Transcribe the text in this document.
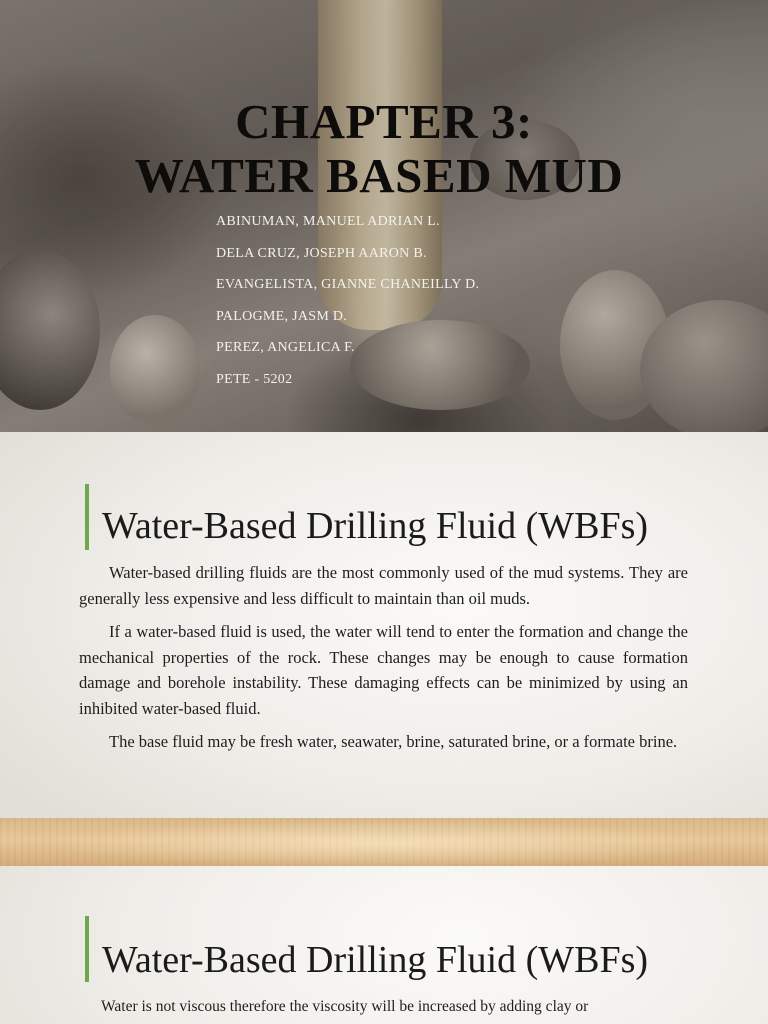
CHAPTER 3:
WATER BASED MUD
ABINUMAN, MANUEL ADRIAN L.
DELA CRUZ, JOSEPH AARON B.
EVANGELISTA, GIANNE CHANEILLY D.
PALOGME, JASM D.
PEREZ, ANGELICA F.
PETE - 5202
Water-Based Drilling Fluid (WBFs)

Water-based drilling fluids are the most commonly used of the mud systems. They are generally less expensive and less difficult to maintain than oil muds.

If a water-based fluid is used, the water will tend to enter the formation and change the mechanical properties of the rock. These changes may be enough to cause formation damage and borehole instability. These damaging effects can be minimized by using an inhibited water-based fluid.

The base fluid may be fresh water, seawater, brine, saturated brine, or a formate brine.

Water-Based Drilling Fluid (WBFs)
Water is not viscous therefore the viscosity will be increased by adding clay or
